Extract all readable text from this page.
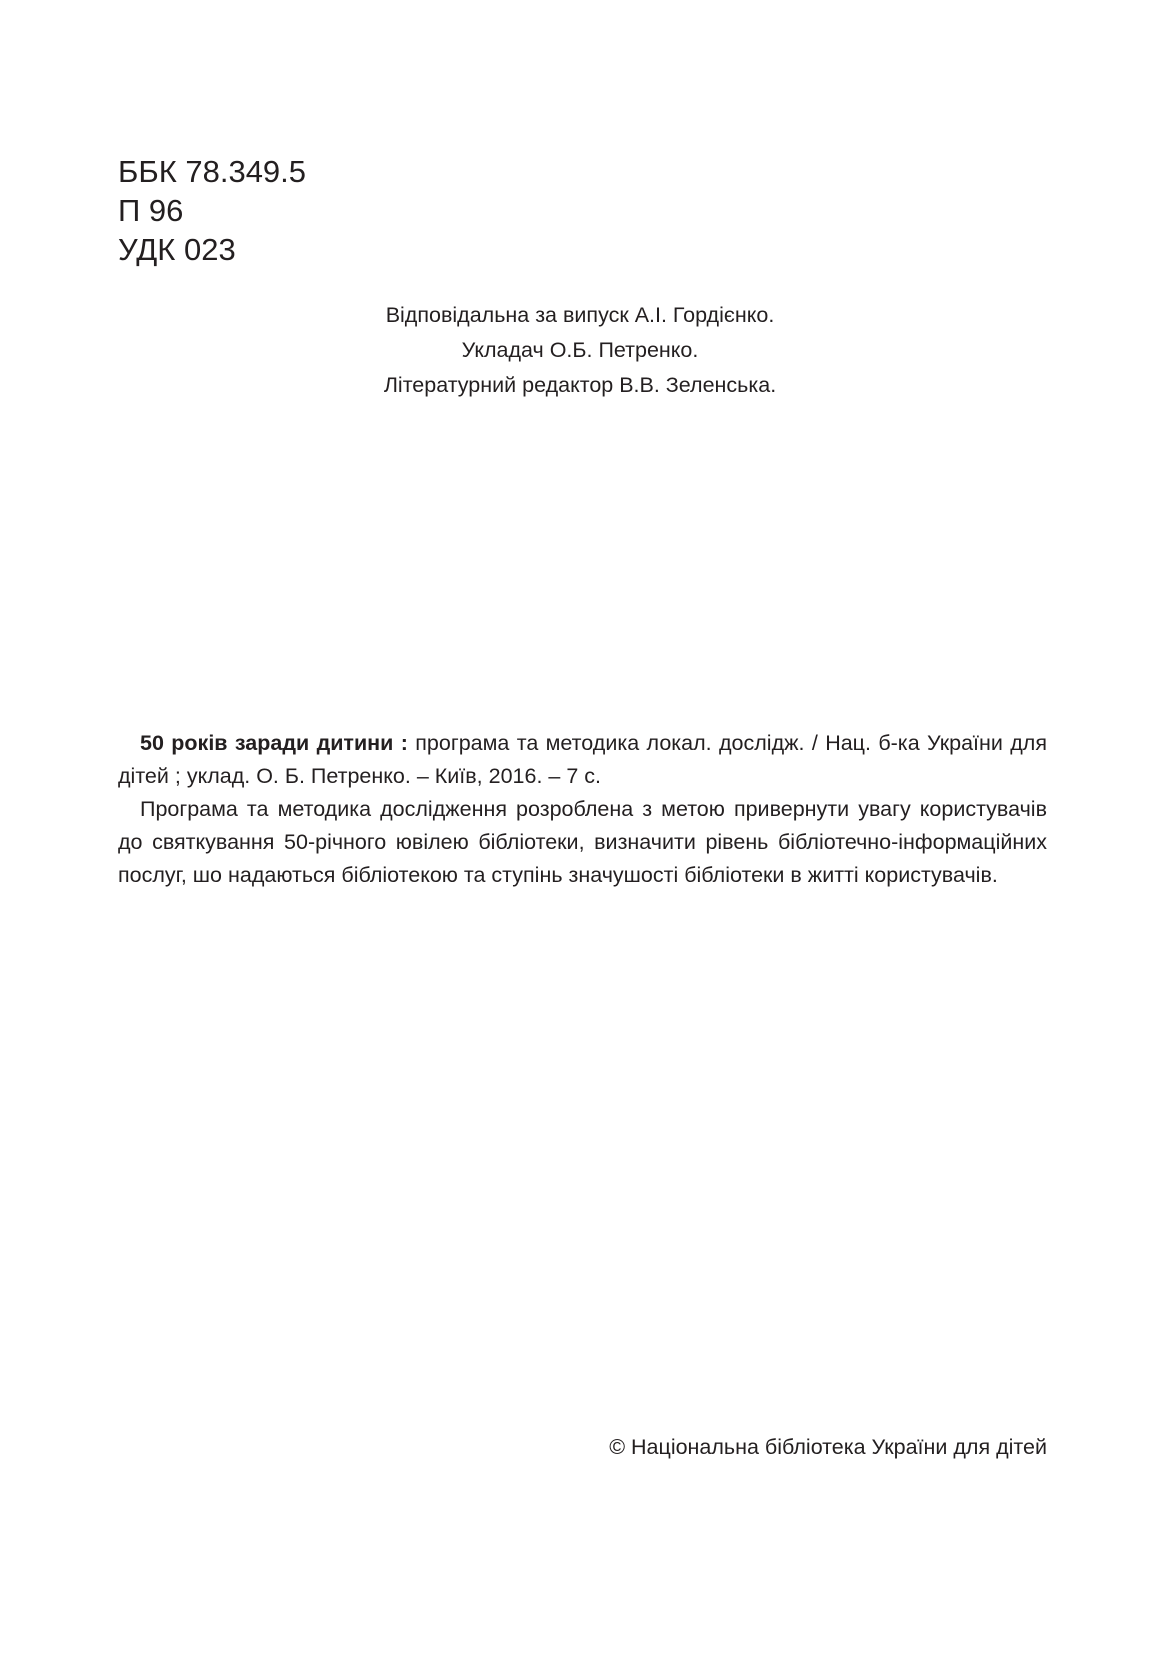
ББК 78.349.5
П 96
УДК 023
Відповідальна за випуск А.І. Гордієнко.
Укладач О.Б. Петренко.
Літературний редактор В.В. Зеленська.

50 років заради дитини : програма та методика локал. дослідж. / Нац. б-ка України для дітей ; уклад. О. Б. Петренко. – Київ, 2016. – 7 с.

Програма та методика дослідження розроблена з метою привернути увагу користувачів до святкування 50-річного ювілею бібліотеки, визначити рівень бібліотечно-інформаційних послуг, шо надаються бібліотекою та ступінь значушості бібліотеки в житті користувачів.

© Національна бібліотека України для дітей
